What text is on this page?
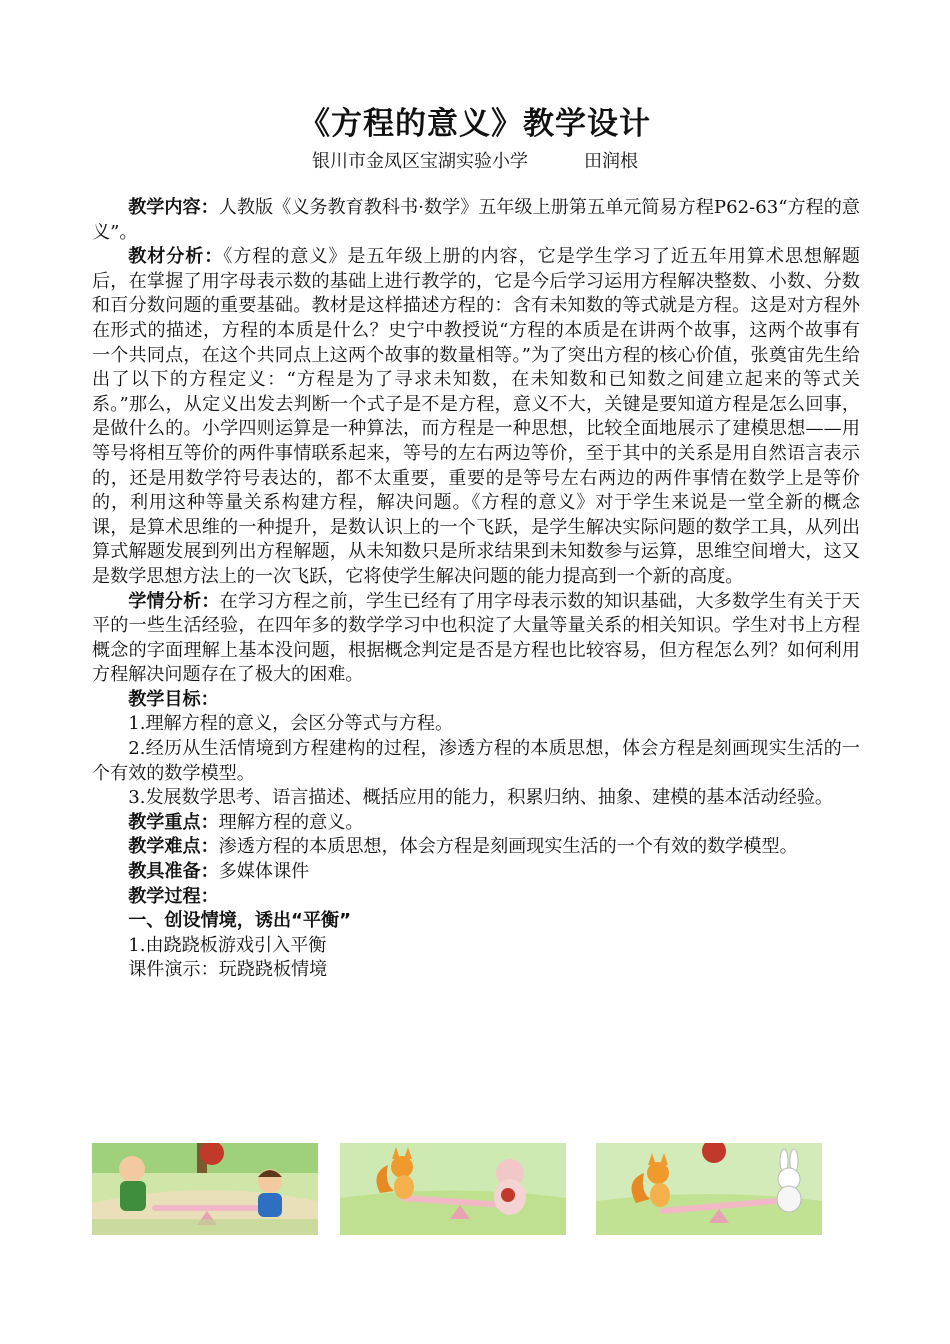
《方程的意义》教学设计
银川市金凤区宝湖实验小学	田润根

教学内容：人教版《义务教育教科书·数学》五年级上册第五单元简易方程P62-63“方程的意义”。

教材分析：《方程的意义》是五年级上册的内容，它是学生学习了近五年用算术思想解题后，在掌握了用字母表示数的基础上进行教学的，它是今后学习运用方程解决整数、小数、分数和百分数问题的重要基础。教材是这样描述方程的：含有未知数的等式就是方程。这是对方程外在形式的描述，方程的本质是什么？史宁中教授说“方程的本质是在讲两个故事，这两个故事有一个共同点，在这个共同点上这两个故事的数量相等。”为了突出方程的核心价值，张奠宙先生给出了以下的方程定义：“方程是为了寻求未知数，在未知数和已知数之间建立起来的等式关系。”那么，从定义出发去判断一个式子是不是方程，意义不大，关键是要知道方程是怎么回事，是做什么的。小学四则运算是一种算法，而方程是一种思想，比较全面地展示了建模思想——用等号将相互等价的两件事情联系起来，等号的左右两边等价，至于其中的关系是用自然语言表示的，还是用数学符号表达的，都不太重要，重要的是等号左右两边的两件事情在数学上是等价的，利用这种等量关系构建方程，解决问题。《方程的意义》对于学生来说是一堂全新的概念课，是算术思维的一种提升，是数认识上的一个飞跃，是学生解决实际问题的数学工具，从列出算式解题发展到列出方程解题，从未知数只是所求结果到未知数参与运算，思维空间增大，这又是数学思想方法上的一次飞跃，它将使学生解决问题的能力提高到一个新的高度。

学情分析：在学习方程之前，学生已经有了用字母表示数的知识基础，大多数学生有关于天平的一些生活经验，在四年多的数学学习中也积淀了大量等量关系的相关知识。学生对书上方程概念的字面理解上基本没问题，根据概念判定是否是方程也比较容易，但方程怎么列？如何利用方程解决问题存在了极大的困难。

教学目标：

1.理解方程的意义，会区分等式与方程。

2.经历从生活情境到方程建构的过程，渗透方程的本质思想，体会方程是刻画现实生活的一个有效的数学模型。

3.发展数学思考、语言描述、概括应用的能力，积累归纳、抽象、建模的基本活动经验。

教学重点：理解方程的意义。

教学难点：渗透方程的本质思想，体会方程是刻画现实生活的一个有效的数学模型。

教具准备：多媒体课件

教学过程：

一、创设情境，诱出“平衡”

1.由跷跷板游戏引入平衡

课件演示：玩跷跷板情境
